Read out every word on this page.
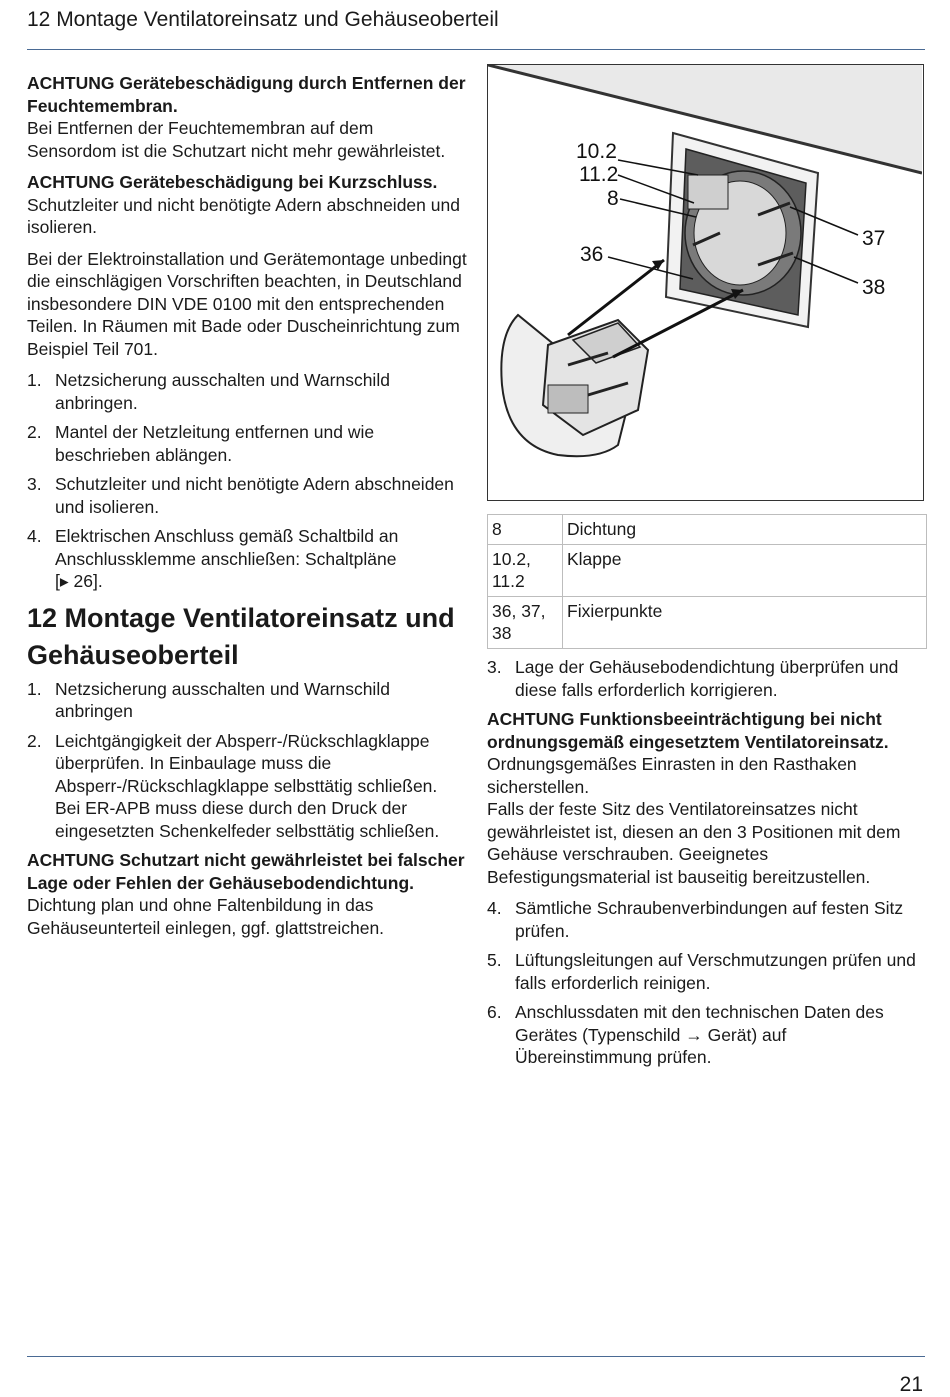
12 Montage Ventilatoreinsatz und Gehäuseoberteil

ACHTUNG Gerätebeschädigung durch Entfernen der Feuchtemembran.

Bei Entfernen der Feuchtemembran auf dem Sensordom ist die Schutzart nicht mehr gewährleistet.

ACHTUNG Gerätebeschädigung bei Kurzschluss.

Schutzleiter und nicht benötigte Adern abschneiden und isolieren.

Bei der Elektroinstallation und Gerätemontage unbedingt die einschlägigen Vorschriften beachten, in Deutschland insbesondere DIN VDE 0100 mit den entsprechenden Teilen. In Räumen mit Bade oder Duscheinrichtung zum Beispiel Teil 701.

1. Netzsicherung ausschalten und Warnschild anbringen.
2. Mantel der Netzleitung entfernen und wie beschrieben ablängen.
3. Schutzleiter und nicht benötigte Adern abschneiden und isolieren.
4. Elektrischen Anschluss gemäß Schaltbild an Anschlussklemme anschließen: Schaltpläne
[▸ 26].
12 Montage Ventilatoreinsatz und Gehäuseoberteil
1. Netzsicherung ausschalten und Warnschild anbringen
2. Leichtgängigkeit der Absperr-/Rückschlagklappe überprüfen. In Einbaulage muss die Absperr-/Rückschlagklappe selbsttätig schließen. Bei ER-APB muss diese durch den Druck der eingesetzten Schenkelfeder selbsttätig schließen.

ACHTUNG Schutzart nicht gewährleistet bei falscher Lage oder Fehlen der Gehäusebodendichtung.

Dichtung plan und ohne Faltenbildung in das Gehäuseunterteil einlegen, ggf. glattstreichen.

10.2
11.2
8
36
37
38
8	Dichtung
10.2, 11.2	Klappe
36, 37, 38	Fixierpunkte
3. Lage der Gehäusebodendichtung überprüfen und diese falls erforderlich korrigieren.

ACHTUNG Funktionsbeeinträchtigung bei nicht ordnungsgemäß eingesetztem Ventilatoreinsatz.

Ordnungsgemäßes Einrasten in den Rasthaken sicherstellen.

Falls der feste Sitz des Ventilatoreinsatzes nicht gewährleistet ist, diesen an den 3 Positionen mit dem Gehäuse verschrauben. Geeignetes Befestigungsmaterial ist bauseitig bereitzustellen.

4. Sämtliche Schraubenverbindungen auf festen Sitz prüfen.
5. Lüftungsleitungen auf Verschmutzungen prüfen und falls erforderlich reinigen.
6. Anschlussdaten mit den technischen Daten des Gerätes (Typenschild → Gerät) auf Übereinstimmung prüfen.
21
